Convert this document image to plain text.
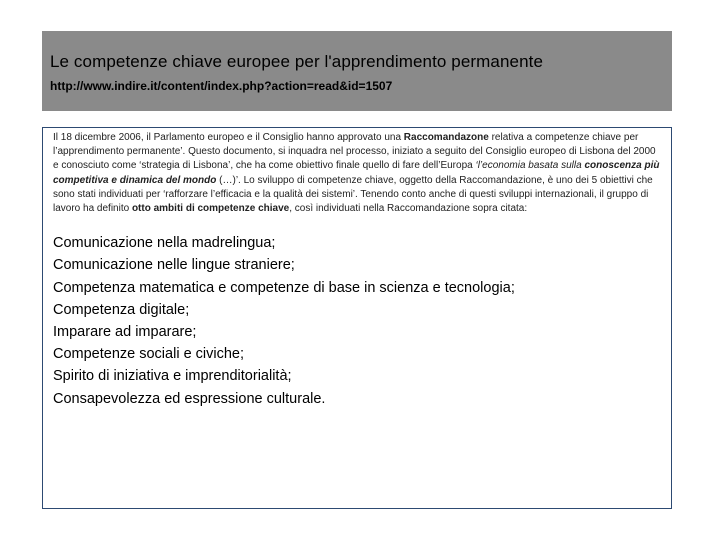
Le competenze chiave europee per l'apprendimento permanente
http://www.indire.it/content/index.php?action=read&id=1507

Il 18 dicembre 2006, il Parlamento europeo e il Consiglio hanno approvato una Raccomandazone relativa a competenze chiave per l’apprendimento permanente’. Questo documento, si inquadra nel processo, iniziato a seguito del Consiglio europeo di Lisbona del 2000 e conosciuto come ‘strategia di Lisbona’, che ha come obiettivo finale quello di fare dell’Europa ‘l’economia basata sulla conoscenza più competitiva e dinamica del mondo (…)’. Lo sviluppo di competenze chiave, oggetto della Raccomandazione, è uno dei 5 obiettivi che sono stati individuati per ‘rafforzare l’efficacia e la qualità dei sistemi’. Tenendo conto anche di questi sviluppi internazionali, il gruppo di lavoro ha definito otto ambiti di competenze chiave, così individuati nella Raccomandazione sopra citata:

Comunicazione nella madrelingua;
Comunicazione nelle lingue straniere;
Competenza matematica e competenze di base in scienza e tecnologia;
Competenza digitale;
Imparare ad imparare;
Competenze sociali e civiche;
Spirito di iniziativa e imprenditorialità;
Consapevolezza ed espressione culturale.
